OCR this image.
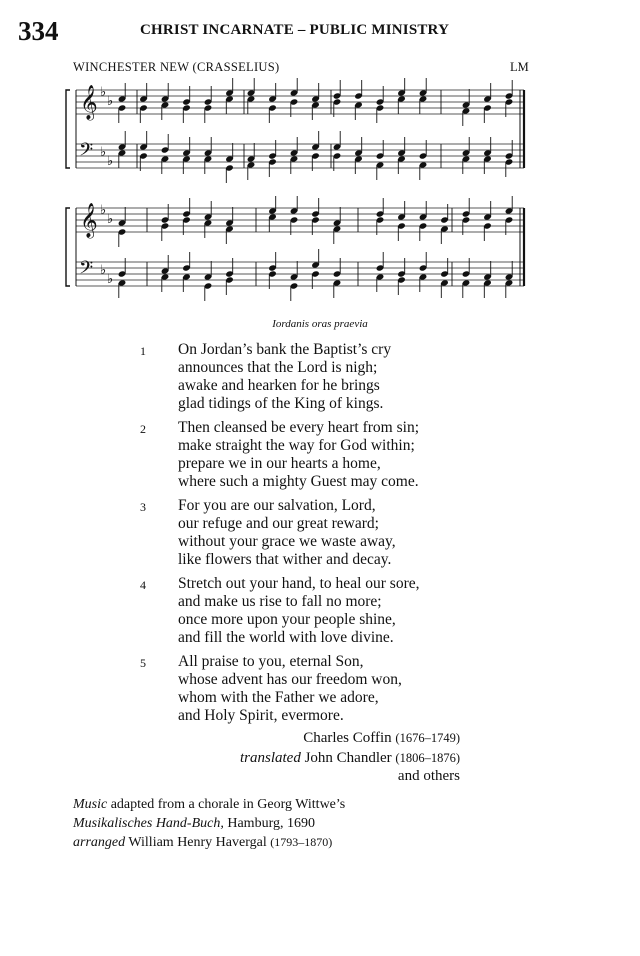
334	CHRIST INCARNATE – PUBLIC MINISTRY
WINCHESTER NEW (CRASSELIUS)	LM
𝄞 ♭
♭
𝄢 ♭
♭
𝄞 ♭
♭
𝄢 ♭
♭
Iordanis oras praevia
1 On Jordan’s bank the Baptist’s cry
announces that the Lord is nigh;
awake and hearken for he brings
glad tidings of the King of kings.
2 Then cleansed be every heart from sin;
make straight the way for God within;
prepare we in our hearts a home,
where such a mighty Guest may come.
3 For you are our salvation, Lord,
our refuge and our great reward;
without your grace we waste away,
like flowers that wither and decay.
4 Stretch out your hand, to heal our sore,
and make us rise to fall no more;
once more upon your people shine,
and fill the world with love divine.
5 All praise to you, eternal Son,
whose advent has our freedom won,
whom with the Father we adore,
and Holy Spirit, evermore.
Charles Coffin (1676–1749)
translated John Chandler (1806–1876)
and others
Music adapted from a chorale in Georg Wittwe’s
Musikalisches Hand-Buch, Hamburg, 1690
arranged William Henry Havergal (1793–1870)
